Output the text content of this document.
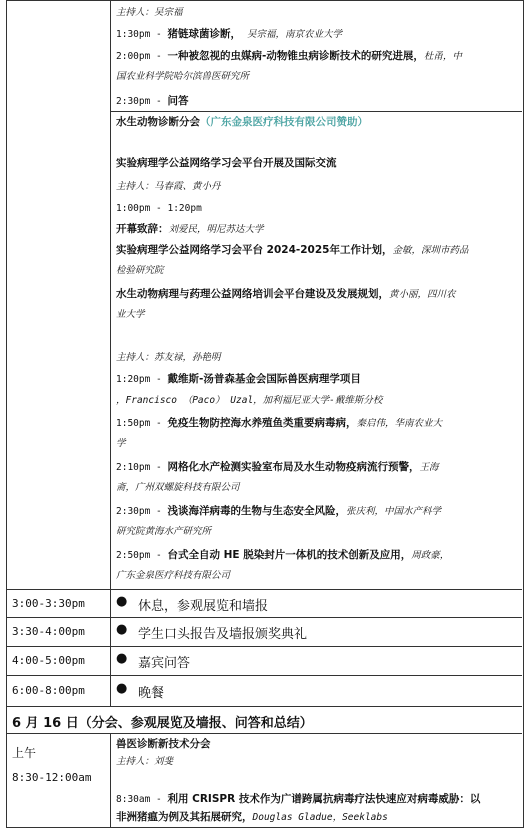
主持人：吴宗福
1:30pm - 猪链球菌诊断， 吴宗福，南京农业大学
2:00pm - 一种被忽视的虫媒病-动物锥虫病诊断技术的研究进展，杜甬，中
国农业科学院哈尔滨兽医研究所
2:30pm - 问答
水生动物诊断分会（广东金泉医疗科技有限公司赞助）
实验病理学公益网络学习会平台开展及国际交流
主持人：马春霞、黄小丹
1:00pm - 1:20pm
开幕致辞：刘爱民，明尼苏达大学
实验病理学公益网络学习会平台 2024-2025年工作计划，金敏，深圳市药品
检验研究院
水生动物病理与药理公益网络培训会平台建设及发展规划，黄小丽，四川农
业大学
主持人：苏友禄，孙艳明
1:20pm - 戴维斯-汤普森基金会国际兽医病理学项目
，Francisco （Paco） Uzal，加利福尼亚大学-戴维斯分校
1:50pm - 免疫生物防控海水养殖鱼类重要病毒病，秦启伟，华南农业大
学
2:10pm - 网格化水产检测实验室布局及水生动物疫病流行预警，王海
斋，广州双螺旋科技有限公司
2:30pm - 浅谈海洋病毒的生物与生态安全风险，张庆利，中国水产科学
研究院黄海水产研究所
2:50pm - 台式全自动 HE 脱染封片一体机的技术创新及应用，周政豪，
广东金泉医疗科技有限公司
3:00-3:30pm ● 休息，参观展览和墙报
3:30-4:00pm ● 学生口头报告及墙报颁奖典礼
4:00-5:00pm ● 嘉宾问答
6:00-8:00pm ● 晚餐
6 月 16 日（分会、参观展览及墙报、问答和总结）
上午
8:30-12:00am
兽医诊断新技术分会
主持人：刘斐
8:30am - 利用 CRISPR 技术作为广谱跨属抗病毒疗法快速应对病毒威胁：以
非洲猪瘟为例及其拓展研究，Douglas Gladue，Seeklabs
